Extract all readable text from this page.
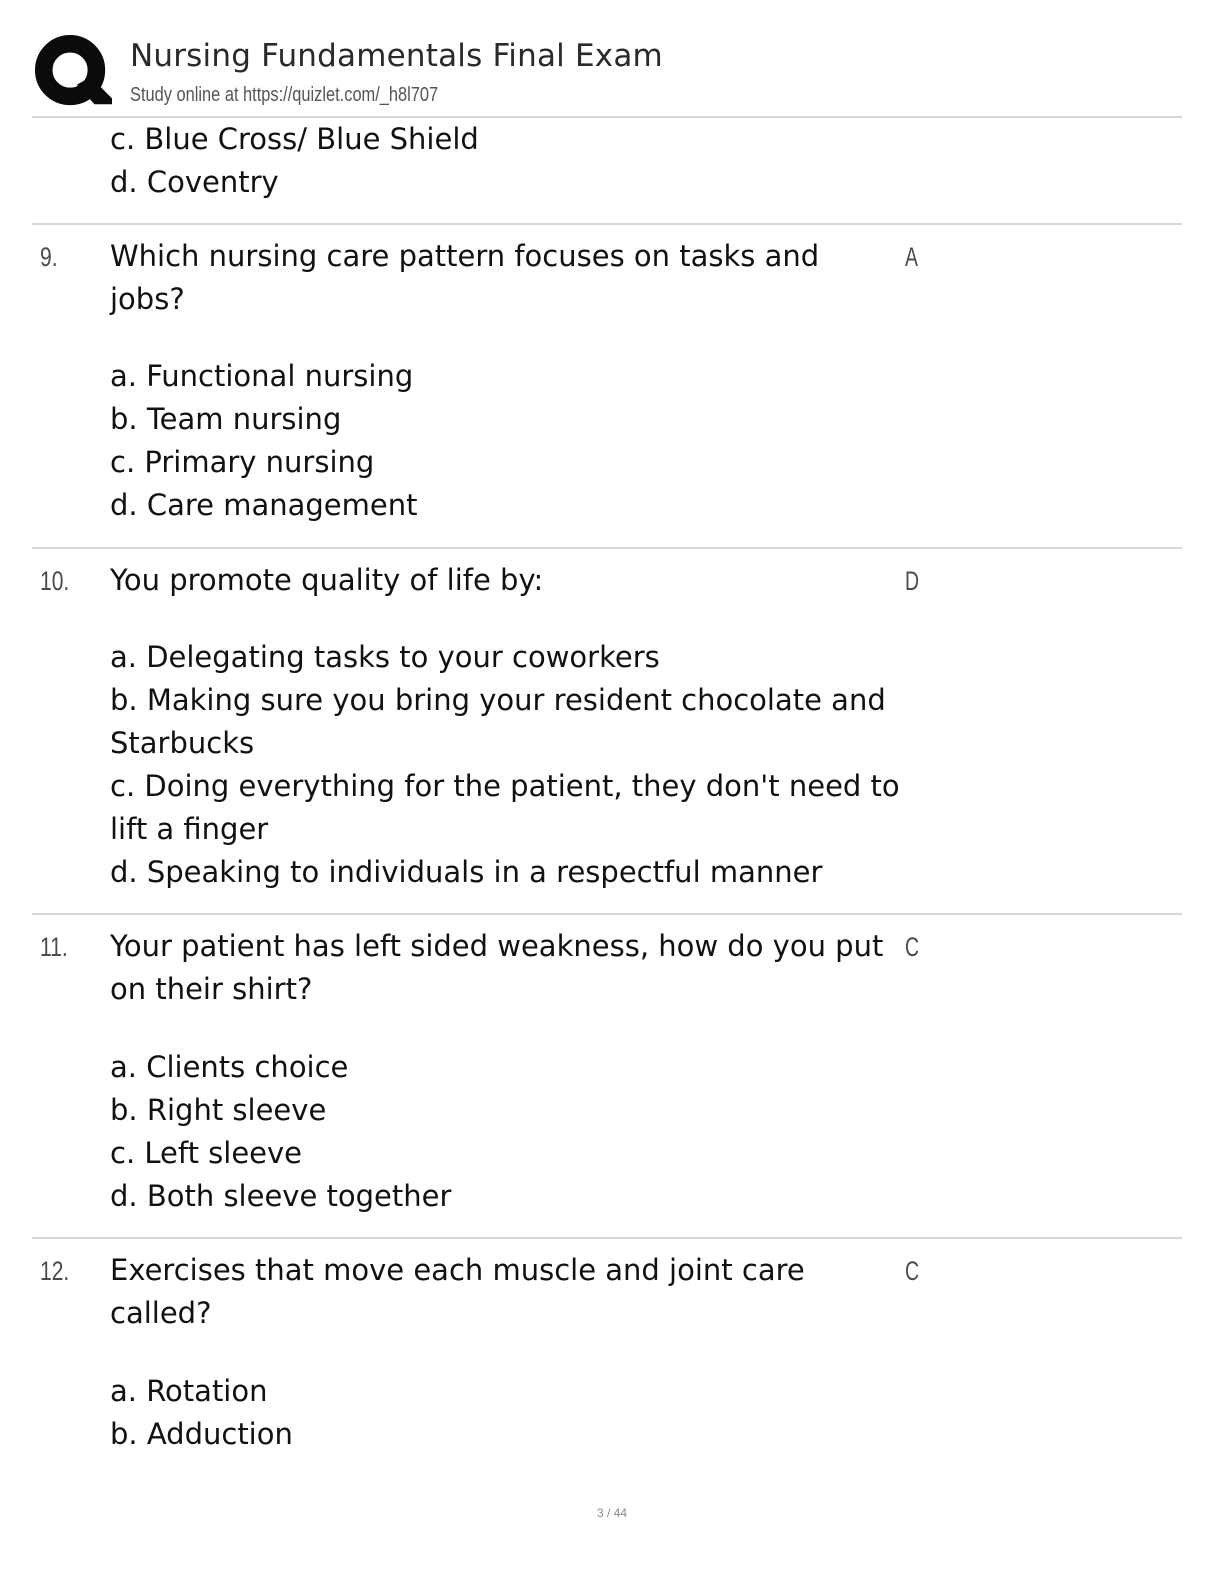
Nursing Fundamentals Final Exam
Study online at https://quizlet.com/_h8l707
c. Blue Cross/ Blue Shield
d. Coventry
9.	A
Which nursing care pattern focuses on tasks and
jobs?
a. Functional nursing
b. Team nursing
c. Primary nursing
d. Care management
10.	D
You promote quality of life by:
a. Delegating tasks to your coworkers
b. Making sure you bring your resident chocolate and
Starbucks
c. Doing everything for the patient, they don't need to
lift a finger
d. Speaking to individuals in a respectful manner
11.	C
Your patient has left sided weakness, how do you put
on their shirt?
a. Clients choice
b. Right sleeve
c. Left sleeve
d. Both sleeve together
12.	C
Exercises that move each muscle and joint care
called?
a. Rotation
b. Adduction
3 / 44
